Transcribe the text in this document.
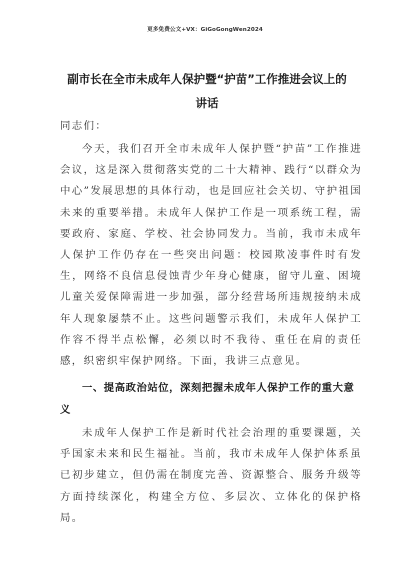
更多免费公文+VX：GiGoGongWen2024
副市长在全市未成年人保护暨“护苗”工作推进会议上的
讲话
同志们：
今天，我们召开全市未成年人保护暨“护苗”工作推进会议，这是深入贯彻落实党的二十大精神、践行“以群众为中心”发展思想的具体行动，也是回应社会关切、守护祖国未来的重要举措。未成年人保护工作是一项系统工程，需要政府、家庭、学校、社会协同发力。当前，我市未成年人保护工作仍存在一些突出问题：校园欺凌事件时有发生，网络不良信息侵蚀青少年身心健康，留守儿童、困境儿童关爱保障需进一步加强，部分经营场所违规接纳未成年人现象屡禁不止。这些问题警示我们，未成年人保护工作容不得半点松懈，必须以时不我待、重任在肩的责任感，织密织牢保护网络。下面，我讲三点意见。
一、提高政治站位，深刻把握未成年人保护工作的重大意义
未成年人保护工作是新时代社会治理的重要课题，关乎国家未来和民生福祉。当前，我市未成年人保护体系虽已初步建立，但仍需在制度完善、资源整合、服务升级等方面持续深化，构建全方位、多层次、立体化的保护格局。
